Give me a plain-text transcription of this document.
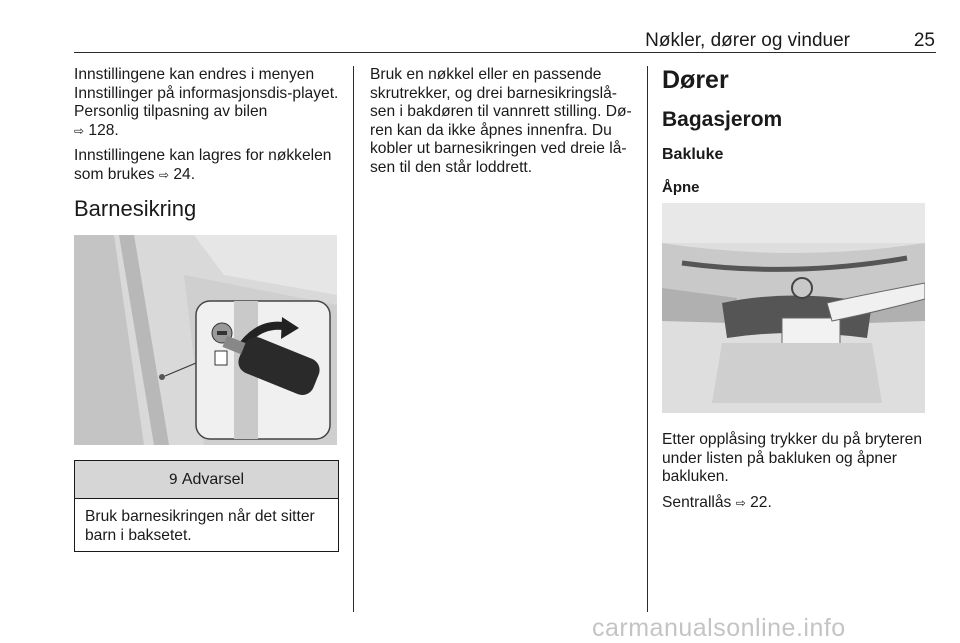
Nøkler, dører og vinduer	25

Innstillingene kan endres i menyen Innstillinger på informasjonsdis-playet. Personlig tilpasning av bilen
⇨ 128.

Innstillingene kan lagres for nøkkelen som brukes ⇨ 24.

Barnesikring
9 Advarsel
Bruk barnesikringen når det sitter barn i baksetet.

Bruk en nøkkel eller en passende skrutrekker, og drei barnesikringslå-sen i bakdøren til vannrett stilling. Dø-ren kan da ikke åpnes innenfra. Du kobler ut barnesikringen ved dreie lå-sen til den står loddrett.

Dører
Bagasjerom
Bakluke
Åpne

Etter opplåsing trykker du på bryteren under listen på bakluken og åpner bakluken.

Sentrallås ⇨ 22.

carmanualsonline.info
